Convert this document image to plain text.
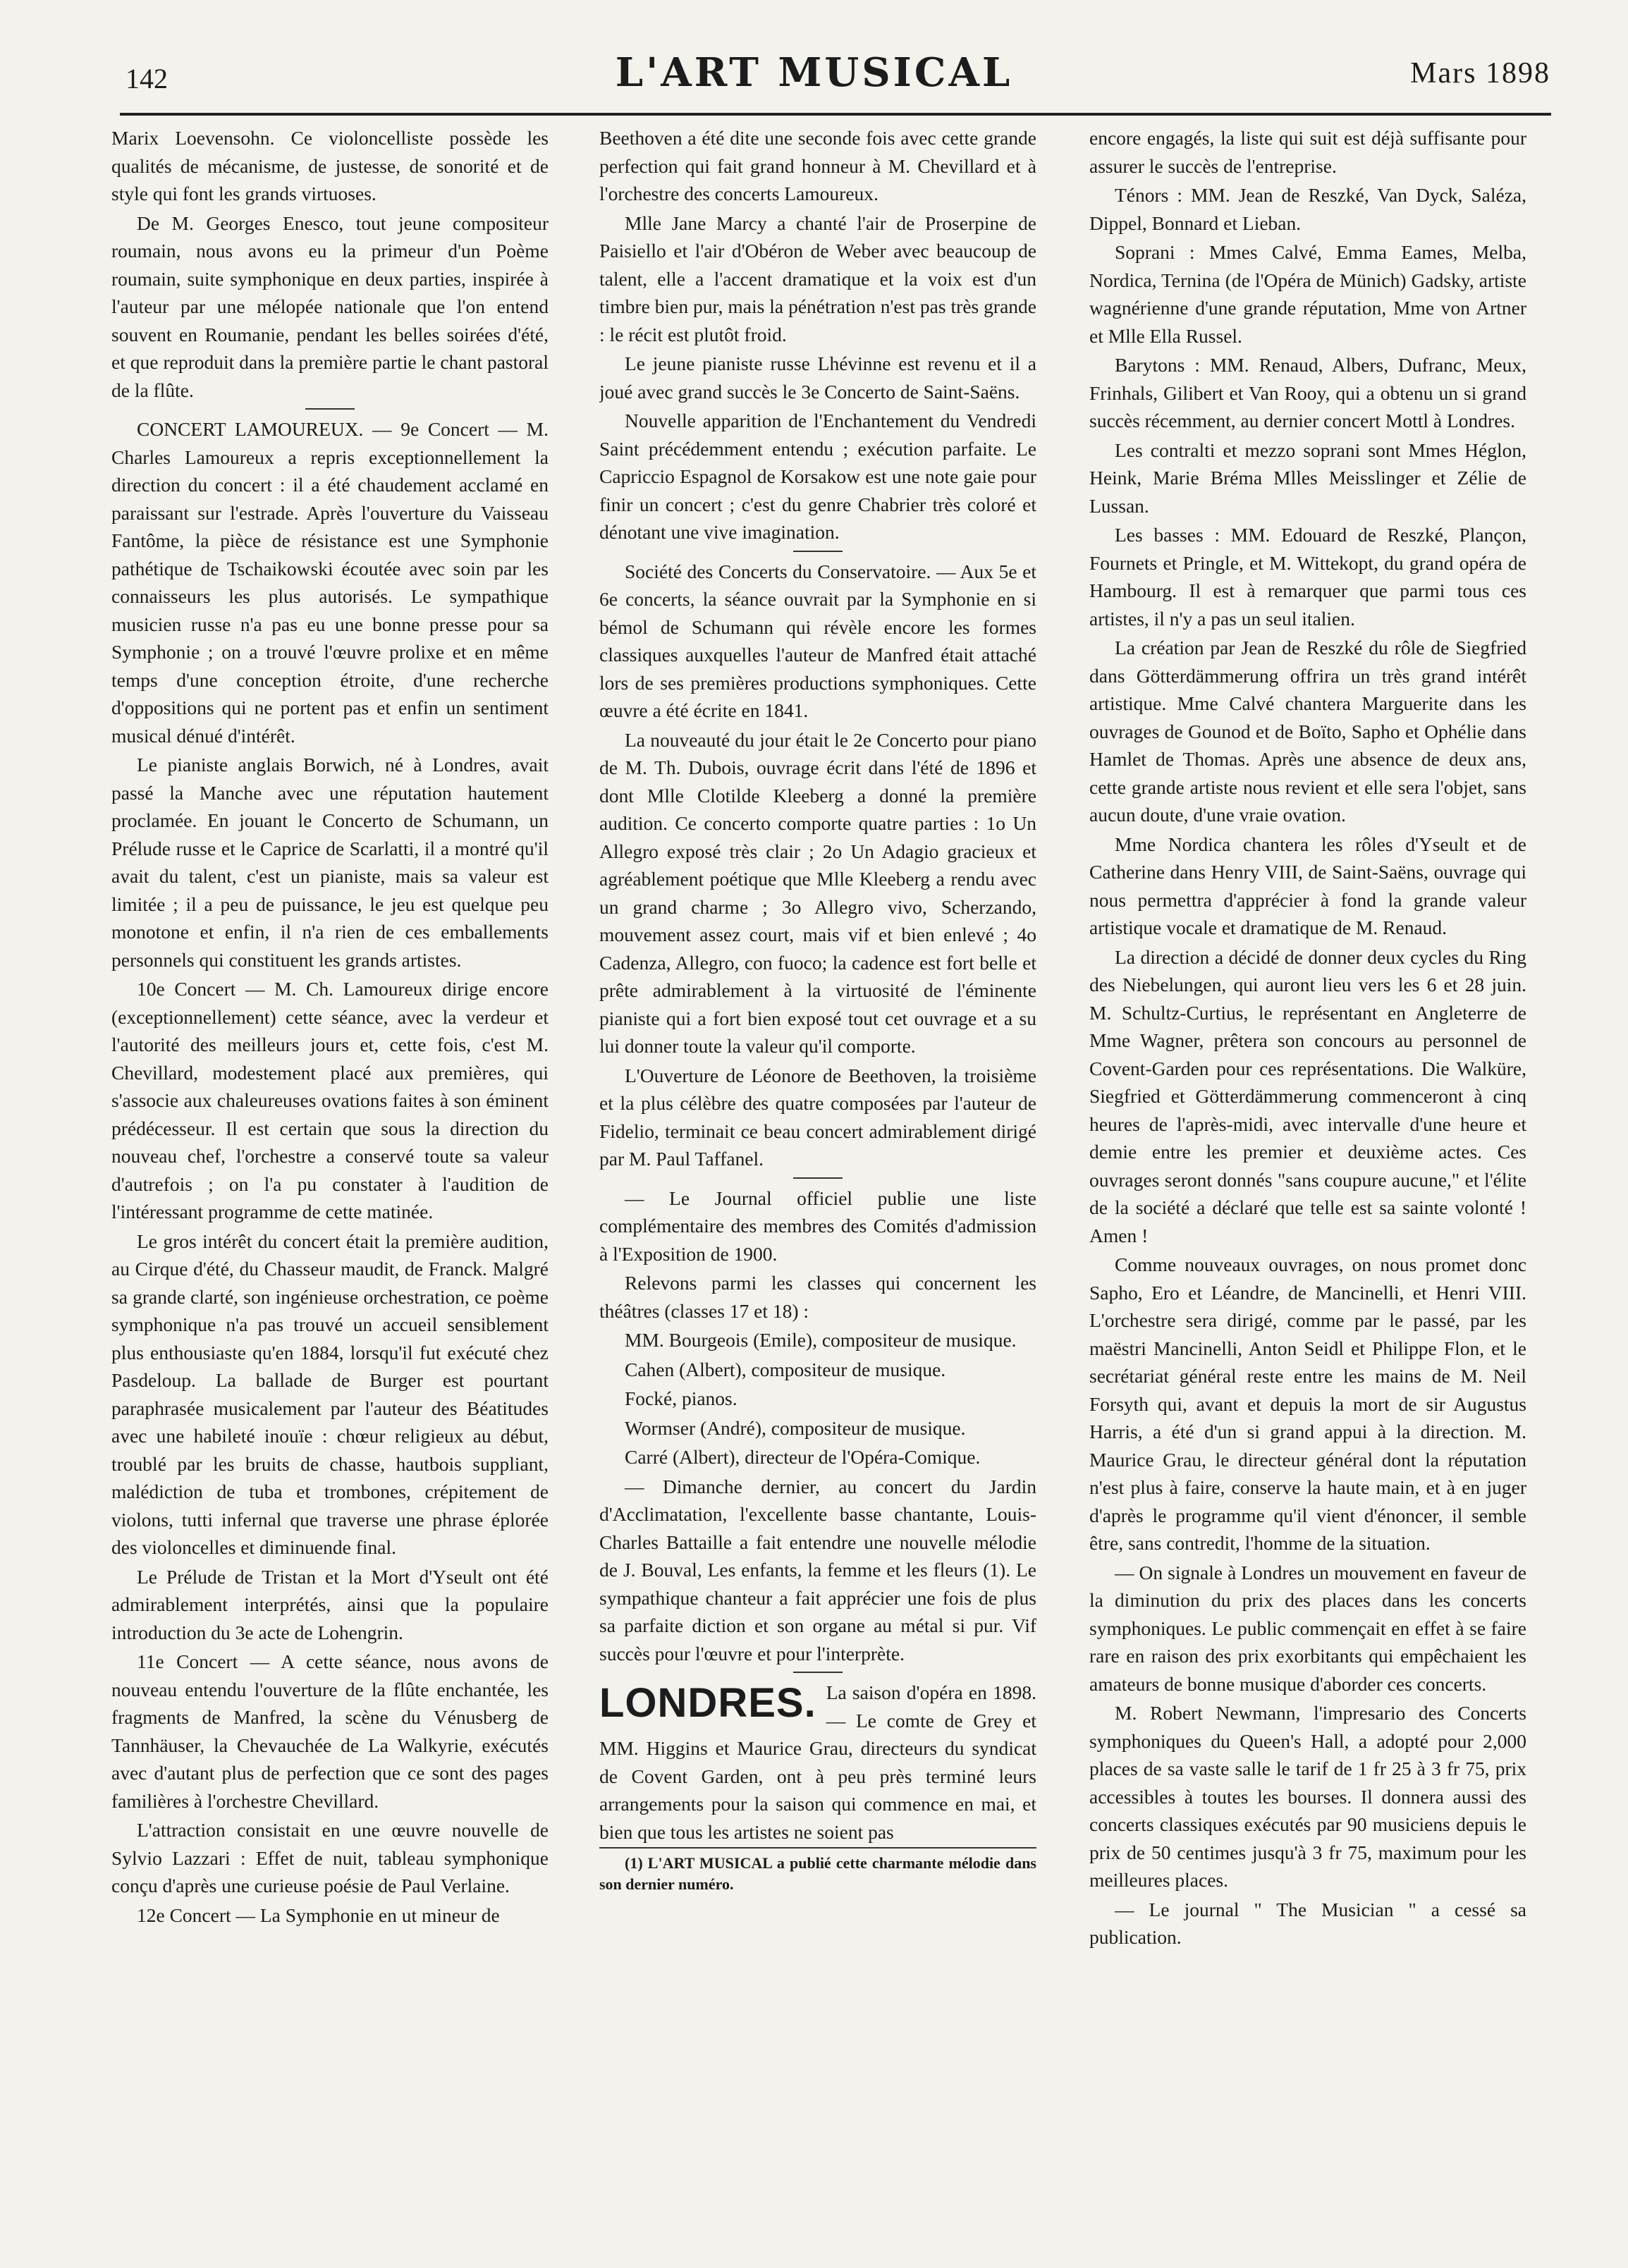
142	L'ART MUSICAL	Mars 1898

Marix Loevensohn. Ce violoncelliste possède les qualités de mécanisme, de justesse, de sonorité et de style qui font les grands virtuoses.

De M. Georges Enesco, tout jeune compositeur roumain, nous avons eu la primeur d'un Poème roumain, suite symphonique en deux parties, inspirée à l'auteur par une mélopée nationale que l'on entend souvent en Roumanie, pendant les belles soirées d'été, et que reproduit dans la première partie le chant pastoral de la flûte.

CONCERT LAMOUREUX. — 9e Concert — M. Charles Lamoureux a repris exceptionnellement la direction du concert : il a été chaudement acclamé en paraissant sur l'estrade. Après l'ouverture du Vaisseau Fantôme, la pièce de résistance est une Symphonie pathétique de Tschaikowski écoutée avec soin par les connaisseurs les plus autorisés. Le sympathique musicien russe n'a pas eu une bonne presse pour sa Symphonie ; on a trouvé l'œuvre prolixe et en même temps d'une conception étroite, d'une recherche d'oppositions qui ne portent pas et enfin un sentiment musical dénué d'intérêt.

Le pianiste anglais Borwich, né à Londres, avait passé la Manche avec une réputation hautement proclamée. En jouant le Concerto de Schumann, un Prélude russe et le Caprice de Scarlatti, il a montré qu'il avait du talent, c'est un pianiste, mais sa valeur est limitée ; il a peu de puissance, le jeu est quelque peu monotone et enfin, il n'a rien de ces emballements personnels qui constituent les grands artistes.

10e Concert — M. Ch. Lamoureux dirige encore (exceptionnellement) cette séance, avec la verdeur et l'autorité des meilleurs jours et, cette fois, c'est M. Chevillard, modestement placé aux premières, qui s'associe aux chaleureuses ovations faites à son éminent prédécesseur. Il est certain que sous la direction du nouveau chef, l'orchestre a conservé toute sa valeur d'autrefois ; on l'a pu constater à l'audition de l'intéressant programme de cette matinée.

Le gros intérêt du concert était la première audition, au Cirque d'été, du Chasseur maudit, de Franck. Malgré sa grande clarté, son ingénieuse orchestration, ce poème symphonique n'a pas trouvé un accueil sensiblement plus enthousiaste qu'en 1884, lorsqu'il fut exécuté chez Pasdeloup. La ballade de Burger est pourtant paraphrasée musicalement par l'auteur des Béatitudes avec une habileté inouïe : chœur religieux au début, troublé par les bruits de chasse, hautbois suppliant, malédiction de tuba et trombones, crépitement de violons, tutti infernal que traverse une phrase éplorée des violoncelles et diminuende final.

Le Prélude de Tristan et la Mort d'Yseult ont été admirablement interprétés, ainsi que la populaire introduction du 3e acte de Lohengrin.

11e Concert — A cette séance, nous avons de nouveau entendu l'ouverture de la flûte enchantée, les fragments de Manfred, la scène du Vénusberg de Tannhäuser, la Chevauchée de La Walkyrie, exécutés avec d'autant plus de perfection que ce sont des pages familières à l'orchestre Chevillard.

L'attraction consistait en une œuvre nouvelle de Sylvio Lazzari : Effet de nuit, tableau symphonique conçu d'après une curieuse poésie de Paul Verlaine.

12e Concert — La Symphonie en ut mineur de

Beethoven a été dite une seconde fois avec cette grande perfection qui fait grand honneur à M. Chevillard et à l'orchestre des concerts Lamoureux.

Mlle Jane Marcy a chanté l'air de Proserpine de Paisiello et l'air d'Obéron de Weber avec beaucoup de talent, elle a l'accent dramatique et la voix est d'un timbre bien pur, mais la pénétration n'est pas très grande : le récit est plutôt froid.

Le jeune pianiste russe Lhévinne est revenu et il a joué avec grand succès le 3e Concerto de Saint-Saëns.

Nouvelle apparition de l'Enchantement du Vendredi Saint précédemment entendu ; exécution parfaite. Le Capriccio Espagnol de Korsakow est une note gaie pour finir un concert ; c'est du genre Chabrier très coloré et dénotant une vive imagination.

Société des Concerts du Conservatoire. — Aux 5e et 6e concerts, la séance ouvrait par la Symphonie en si bémol de Schumann qui révèle encore les formes classiques auxquelles l'auteur de Manfred était attaché lors de ses premières productions symphoniques. Cette œuvre a été écrite en 1841.

La nouveauté du jour était le 2e Concerto pour piano de M. Th. Dubois, ouvrage écrit dans l'été de 1896 et dont Mlle Clotilde Kleeberg a donné la première audition. Ce concerto comporte quatre parties : 1o Un Allegro exposé très clair ; 2o Un Adagio gracieux et agréablement poétique que Mlle Kleeberg a rendu avec un grand charme ; 3o Allegro vivo, Scherzando, mouvement assez court, mais vif et bien enlevé ; 4o Cadenza, Allegro, con fuoco; la cadence est fort belle et prête admirablement à la virtuosité de l'éminente pianiste qui a fort bien exposé tout cet ouvrage et a su lui donner toute la valeur qu'il comporte.

L'Ouverture de Léonore de Beethoven, la troisième et la plus célèbre des quatre composées par l'auteur de Fidelio, terminait ce beau concert admirablement dirigé par M. Paul Taffanel.

— Le Journal officiel publie une liste complémentaire des membres des Comités d'admission à l'Exposition de 1900.

Relevons parmi les classes qui concernent les théâtres (classes 17 et 18) :

MM. Bourgeois (Emile), compositeur de musique.

Cahen (Albert), compositeur de musique.

Focké, pianos.

Wormser (André), compositeur de musique.

Carré (Albert), directeur de l'Opéra-Comique.

— Dimanche dernier, au concert du Jardin d'Acclimatation, l'excellente basse chantante, Louis-Charles Battaille a fait entendre une nouvelle mélodie de J. Bouval, Les enfants, la femme et les fleurs (1). Le sympathique chanteur a fait apprécier une fois de plus sa parfaite diction et son organe au métal si pur. Vif succès pour l'œuvre et pour l'interprète.

LONDRES. La saison d'opéra en 1898. — Le comte de Grey et MM. Higgins et Maurice Grau, directeurs du syndicat de Covent Garden, ont à peu près terminé leurs arrangements pour la saison qui commence en mai, et bien que tous les artistes ne soient pas

(1) L'ART MUSICAL a publié cette charmante mélodie dans son dernier numéro.

encore engagés, la liste qui suit est déjà suffisante pour assurer le succès de l'entreprise.

Ténors : MM. Jean de Reszké, Van Dyck, Saléza, Dippel, Bonnard et Lieban.

Soprani : Mmes Calvé, Emma Eames, Melba, Nordica, Ternina (de l'Opéra de Münich) Gadsky, artiste wagnérienne d'une grande réputation, Mme von Artner et Mlle Ella Russel.

Barytons : MM. Renaud, Albers, Dufranc, Meux, Frinhals, Gilibert et Van Rooy, qui a obtenu un si grand succès récemment, au dernier concert Mottl à Londres.

Les contralti et mezzo soprani sont Mmes Héglon, Heink, Marie Bréma Mlles Meisslinger et Zélie de Lussan.

Les basses : MM. Edouard de Reszké, Plançon, Fournets et Pringle, et M. Wittekopt, du grand opéra de Hambourg. Il est à remarquer que parmi tous ces artistes, il n'y a pas un seul italien.

La création par Jean de Reszké du rôle de Siegfried dans Götterdämmerung offrira un très grand intérêt artistique. Mme Calvé chantera Marguerite dans les ouvrages de Gounod et de Boïto, Sapho et Ophélie dans Hamlet de Thomas. Après une absence de deux ans, cette grande artiste nous revient et elle sera l'objet, sans aucun doute, d'une vraie ovation.

Mme Nordica chantera les rôles d'Yseult et de Catherine dans Henry VIII, de Saint-Saëns, ouvrage qui nous permettra d'apprécier à fond la grande valeur artistique vocale et dramatique de M. Renaud.

La direction a décidé de donner deux cycles du Ring des Niebelungen, qui auront lieu vers les 6 et 28 juin. M. Schultz-Curtius, le représentant en Angleterre de Mme Wagner, prêtera son concours au personnel de Covent-Garden pour ces représentations. Die Walküre, Siegfried et Götterdämmerung commenceront à cinq heures de l'après-midi, avec intervalle d'une heure et demie entre les premier et deuxième actes. Ces ouvrages seront donnés "sans coupure aucune," et l'élite de la société a déclaré que telle est sa sainte volonté ! Amen !

Comme nouveaux ouvrages, on nous promet donc Sapho, Ero et Léandre, de Mancinelli, et Henri VIII. L'orchestre sera dirigé, comme par le passé, par les maëstri Mancinelli, Anton Seidl et Philippe Flon, et le secrétariat général reste entre les mains de M. Neil Forsyth qui, avant et depuis la mort de sir Augustus Harris, a été d'un si grand appui à la direction. M. Maurice Grau, le directeur général dont la réputation n'est plus à faire, conserve la haute main, et à en juger d'après le programme qu'il vient d'énoncer, il semble être, sans contredit, l'homme de la situation.

— On signale à Londres un mouvement en faveur de la diminution du prix des places dans les concerts symphoniques. Le public commençait en effet à se faire rare en raison des prix exorbitants qui empêchaient les amateurs de bonne musique d'aborder ces concerts.

M. Robert Newmann, l'impresario des Concerts symphoniques du Queen's Hall, a adopté pour 2,000 places de sa vaste salle le tarif de 1 fr 25 à 3 fr 75, prix accessibles à toutes les bourses. Il donnera aussi des concerts classiques exécutés par 90 musiciens depuis le prix de 50 centimes jusqu'à 3 fr 75, maximum pour les meilleures places.

— Le journal " The Musician " a cessé sa publication.
